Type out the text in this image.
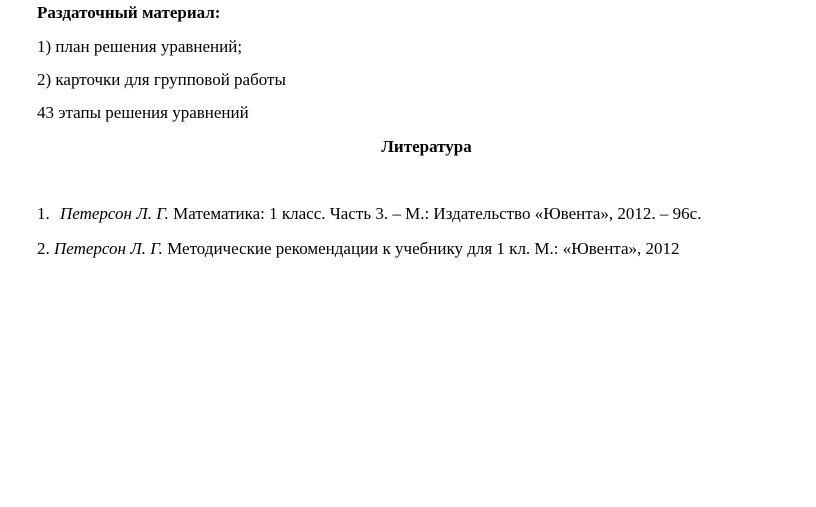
Раздаточный материал:
1) план решения уравнений;
2) карточки для групповой работы
43 этапы решения уравнений
Литература
1. Петерсон Л. Г. Математика: 1 класс. Часть 3. – М.: Издательство «Ювента», 2012. – 96с.
2. Петерсон Л. Г. Методические рекомендации к учебнику для 1 кл. М.: «Ювента», 2012
